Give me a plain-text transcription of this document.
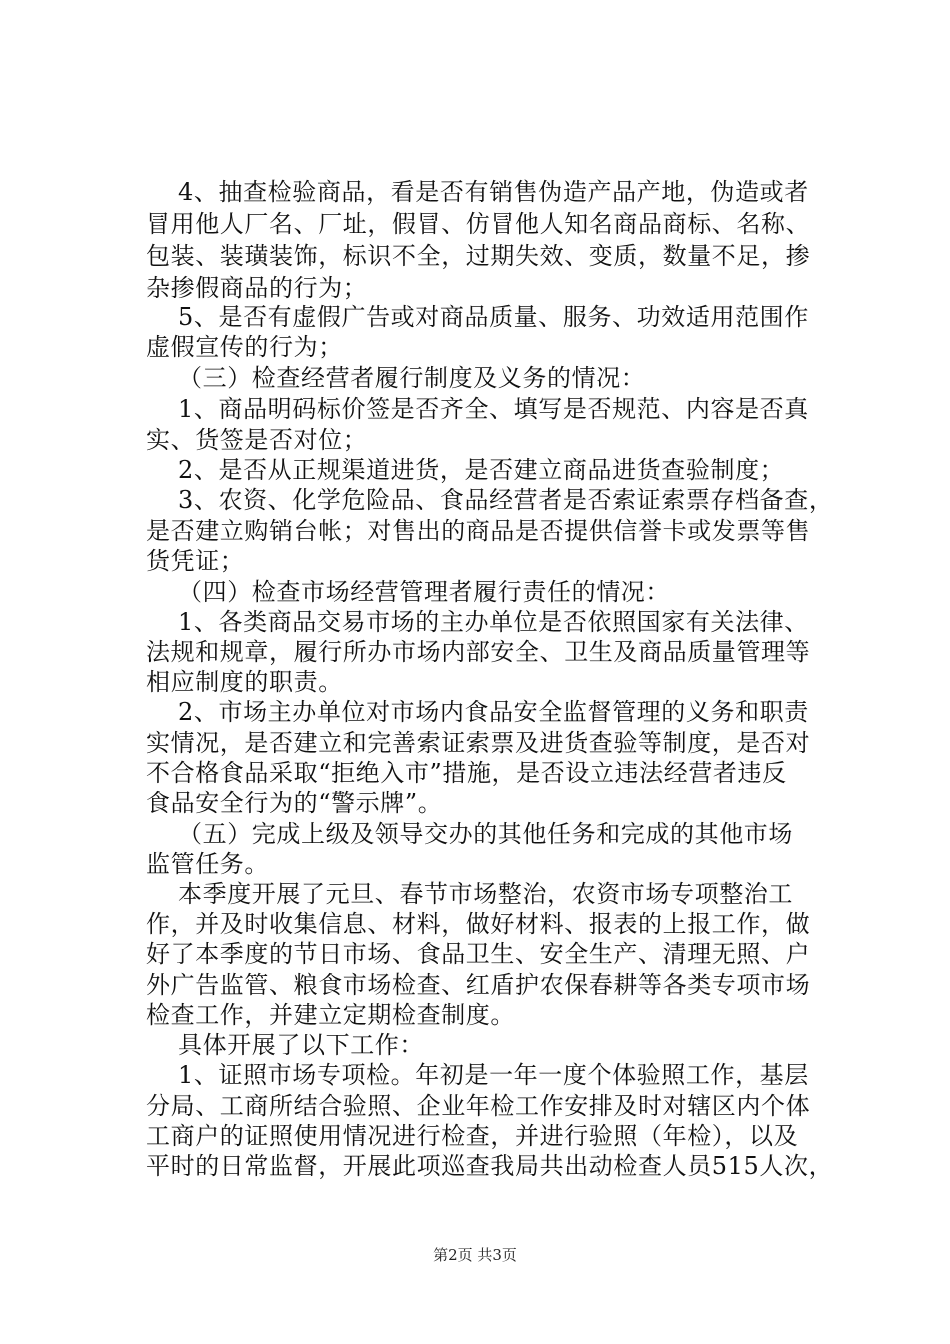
4、抽查检验商品，看是否有销售伪造产品产地，伪造或者
冒用他人厂名、厂址，假冒、仿冒他人知名商品商标、名称、
包装、装璜装饰，标识不全，过期失效、变质，数量不足，掺
杂掺假商品的行为；
5、是否有虚假广告或对商品质量、服务、功效适用范围作
虚假宣传的行为；
（三）检查经营者履行制度及义务的情况：
1、商品明码标价签是否齐全、填写是否规范、内容是否真
实、货签是否对位；
2、是否从正规渠道进货，是否建立商品进货查验制度；
3、农资、化学危险品、食品经营者是否索证索票存档备查，
是否建立购销台帐；对售出的商品是否提供信誉卡或发票等售
货凭证；
（四）检查市场经营管理者履行责任的情况：
1、各类商品交易市场的主办单位是否依照国家有关法律、
法规和规章，履行所办市场内部安全、卫生及商品质量管理等
相应制度的职责。
2、市场主办单位对市场内食品安全监督管理的义务和职责
实情况，是否建立和完善索证索票及进货查验等制度，是否对
不合格食品采取“拒绝入市”措施，是否设立违法经营者违反
食品安全行为的“警示牌”。
（五）完成上级及领导交办的其他任务和完成的其他市场
监管任务。
本季度开展了元旦、春节市场整治，农资市场专项整治工
作，并及时收集信息、材料，做好材料、报表的上报工作，做
好了本季度的节日市场、食品卫生、安全生产、清理无照、户
外广告监管、粮食市场检查、红盾护农保春耕等各类专项市场
检查工作，并建立定期检查制度。
具体开展了以下工作：
1、证照市场专项检。年初是一年一度个体验照工作，基层
分局、工商所结合验照、企业年检工作安排及时对辖区内个体
工商户的证照使用情况进行检查，并进行验照（年检），以及
平时的日常监督，开展此项巡查我局共出动检查人员515人次，
第2页 共3页
